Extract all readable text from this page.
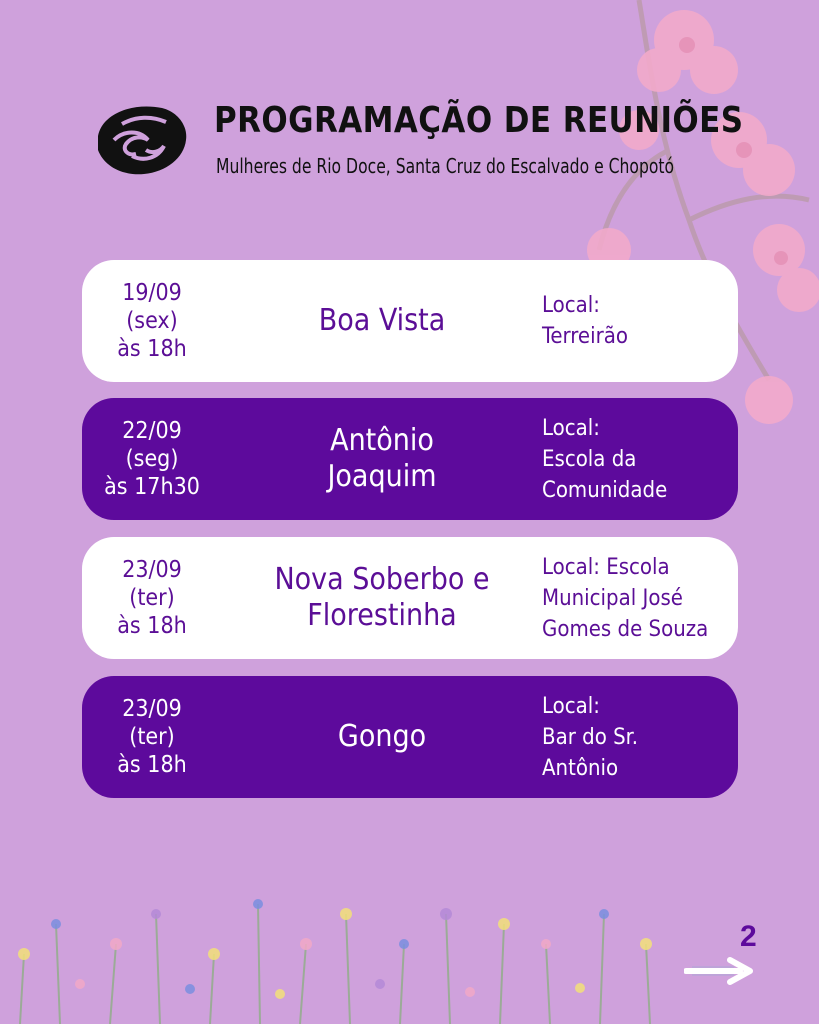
PROGRAMAÇÃO DE REUNIÕES
Mulheres de Rio Doce, Santa Cruz do Escalvado e Chopotó
19/09
(sex)
às 18h
Boa Vista	Local:
Terreirão
22/09
(seg)
às 17h30
Antônio
Joaquim
Local:
Escola da
Comunidade
23/09
(ter)
às 18h
Nova Soberbo e
Florestinha
Local: Escola
Municipal José
Gomes de Souza
23/09
(ter)
às 18h
Gongo
Local:
Bar do Sr.
Antônio
2
